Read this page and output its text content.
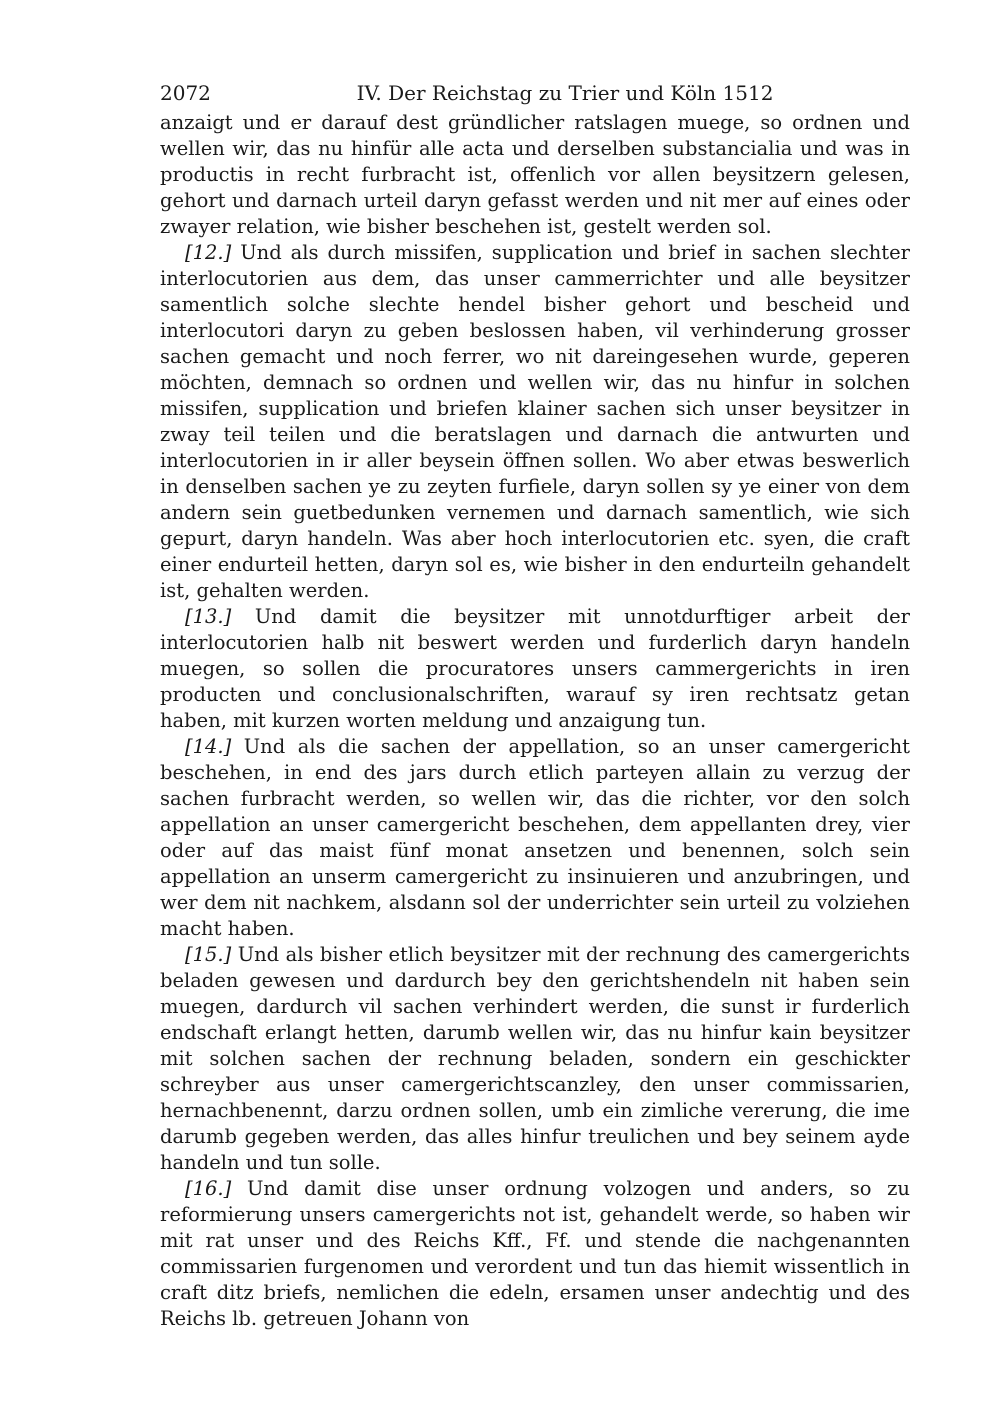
2072	IV. Der Reichstag zu Trier und Köln 1512

anzaigt und er darauf dest gründlicher ratslagen muege, so ordnen und wellen wir, das nu hinfür alle acta und derselben substancialia und was in productis in recht furbracht ist, offenlich vor allen beysitzern gelesen, gehort und darnach urteil daryn gefasst werden und nit mer auf eines oder zwayer relation, wie bisher beschehen ist, gestelt werden sol.

[12.] Und als durch missifen, supplication und brief in sachen slechter interlocutorien aus dem, das unser cammerrichter und alle beysitzer samentlich solche slechte hendel bisher gehort und bescheid und interlocutori daryn zu geben beslossen haben, vil verhinderung grosser sachen gemacht und noch ferrer, wo nit dareingesehen wurde, geperen möchten, demnach so ordnen und wellen wir, das nu hinfur in solchen missifen, supplication und briefen klainer sachen sich unser beysitzer in zway teil teilen und die beratslagen und darnach die antwurten und interlocutorien in ir aller beysein öffnen sollen. Wo aber etwas beswerlich in denselben sachen ye zu zeyten furfiele, daryn sollen sy ye einer von dem andern sein guetbedunken vernemen und darnach samentlich, wie sich gepurt, daryn handeln. Was aber hoch interlocutorien etc. syen, die craft einer endurteil hetten, daryn sol es, wie bisher in den endurteiln gehandelt ist, gehalten werden.

[13.] Und damit die beysitzer mit unnotdurftiger arbeit der interlocutorien halb nit beswert werden und furderlich daryn handeln muegen, so sollen die procuratores unsers cammergerichts in iren producten und conclusionalschriften, warauf sy iren rechtsatz getan haben, mit kurzen worten meldung und anzaigung tun.

[14.] Und als die sachen der appellation, so an unser camergericht beschehen, in end des jars durch etlich parteyen allain zu verzug der sachen furbracht werden, so wellen wir, das die richter, vor den solch appellation an unser camergericht beschehen, dem appellanten drey, vier oder auf das maist fünf monat ansetzen und benennen, solch sein appellation an unserm camergericht zu insinuieren und anzubringen, und wer dem nit nachkem, alsdann sol der underrichter sein urteil zu volziehen macht haben.

[15.] Und als bisher etlich beysitzer mit der rechnung des camergerichts beladen gewesen und dardurch bey den gerichtshendeln nit haben sein muegen, dardurch vil sachen verhindert werden, die sunst ir furderlich endschaft erlangt hetten, darumb wellen wir, das nu hinfur kain beysitzer mit solchen sachen der rechnung beladen, sondern ein geschickter schreyber aus unser camergerichtscanzley, den unser commissarien, hernachbenennt, darzu ordnen sollen, umb ein zimliche vererung, die ime darumb gegeben werden, das alles hinfur treulichen und bey seinem ayde handeln und tun solle.

[16.] Und damit dise unser ordnung volzogen und anders, so zu reformierung unsers camergerichts not ist, gehandelt werde, so haben wir mit rat unser und des Reichs Kff., Ff. und stende die nachgenannten commissarien furgenomen und verordent und tun das hiemit wissentlich in craft ditz briefs, nemlichen die edeln, ersamen unser andechtig und des Reichs lb. getreuen Johann von
